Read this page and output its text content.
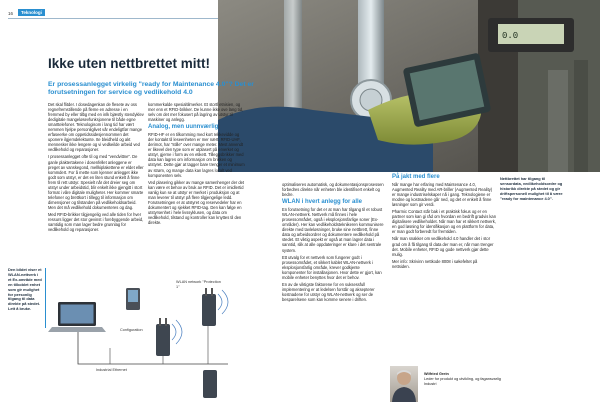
16	Teknologi
0.0
Ikke uten nettbrettet mitt!
Er prosessanlegget virkelig "ready for Maintenance 4.0"? Det er forutsetningen for service og vedlikehold 4.0

Det skal flitder. I dosedagenkan de flesete av oss regnefremstillende på fleme en adresse i en fremmed by eller tilbg med en inlk bjæstly stendyklev dedigitale mangeløsevfunksjonene til både egne smarttelefoner. Teknologisom i lang tid har vært nemmen hjelpe personliglivet vår endeligtfør mange erfaseerke om oppetidssidesjennommen det uponere ilgjemdelektunte. Ite bleidheld og akt mennesker ikke lengere og vi vedkeilde arbeid ved vedlikehold og reparasjoner.

I prosessanlegget ofte til og med "vendvittne". De ganle plaktertakene i dosenfellet anleggene er preget av vanskegond, mellkiplakettene er eldet eller kommdert. For å mette som kjenner anlegget ikke godt som utstyr, er det en liten stund enkelt å finne frem til rett utstyr. Spesielt når det dreier seg om utstyr under arbeidstid, blir enkelt ikke gjengitt i stort format i våre digitale muligheter. Her kommer smarte telefoner og brettkort i tillegg til informasjon om dimensjoner og tilstanden på vedlikeholdsarbeid. Men det må vedlikehold dokumenteres og dag.

Med RFID-brikker tilgjengelig ved alle tiden for hver ressurs ligger det stor gevinst i forebyggende arbeid, samtidig som man lager bedre grunnlag for vedlikehold og reparasjoner.

kommerkalde spesialtilmerker. Et stortl etnisien, og mer enn et RFID-brikker. De kunne ikke ove lang tid, selv om det mer fokusert på lagring av utstyr til maskiner og anlegg.

Analog, men uunnværlig

RFID-HF er en tilkomming med kort rekkevidde og der kontakt til leseenheten er mer nært. RFID-UHF, derimot, har "stille" over mange meter. Mest anvendt er likevel den type som er utplasert på erverket og utstyr, gjerne i form av en etikett. Tilleggsbrikker med data kan lagres om informasjon om brikken og utstyret. Dette gjør at tagger bare trenger et minimum av strøm, og mange data kan lagres lokalt ved komponenten selv.

Ved plasering gikker av mange samenhenger der det kan være et behov av bruk av RFID. Det er imidlertid vanlig kun se at utstyr er merket i produksjon og at man leverer til utstyr på flere tilgjengelige ledd. Forutsetningen er at utstyret og reservedeler har en dokumentert og sjekket RFID-tag. Den kan følge en utstyrsenhet i hele livssyklusen, og data om vedlikehold, tilstand og kontroller kan knyttes til den direkte.

optimaliseres automatisk, og dokumentasjonsprosessen forbedres direkte når enheten ble identifisert enkelt og bedre.

WLAN i hvert anlegg for alle

En forutsetning for det er at man har tilgang til et robust WLAN-nettverk. Nettverk må finnes i hele prosessområdet, også i eksplosjonsfarlige soner (Ex-områder). Her kan vedlikeholdsteknikeren kommunisere direkte med tavleløsninger, bruke sine nettbrett, finne data og arbeidsordrer og dokumentere vedlikehold på stedet. Et viktig aspekt er også at man lagrer data i sanntid, slik at alle oppdateringer er klare i det sentrale system.

Ett utvalg for et nettverk som fungerer godt i prosessområdet, et sikkert kablet WLAN-nettverk i eksplosjonsfarlig område, krever godkjente komponenter for installasjonen. Hvor dette er gjort, kan mobile enheter benyttes hvor det er behov.

En av de viktigste faktorene for en suksessfull implementering er at ledelsen forstår og aksepterer kostnadene for utstyr og WLAN-nettverk og ser de besparelsene som kan komme senere i driften.

På jakt med flere

Når mange har erfaring med Maintenance 4.0, Augmented Reality med AR-briller (Augmented Reality) er mange industriselskaper nå i gang. Teknologiene er modne og kostnadene går ned, og det er enkelt å finne løsninger som gir verdi.

Pharmic Contact står bak i et praktisk fokus og er en partner som kan gi råd om hvordan en bedrift gradvis kan digitalisere vedlikeholdet. Når man har et sikkert nettverk, en god løsning for identifikasjon og en plattform for data, er man godt forberedt for fremtiden.

Når man snakker om vedlikehold 4.0 handler det i stor grad om å få tilgang til data der man er, når man trenger det. Mobile enheter, RFID og gode nettverk gjør dette mulig.

Mer info: Skrivinn nettkode 8008 i søkefeltet på nettsiden.

Den bildet viser et WLAN-nettverk i et Ex-område med en tilkoblet enhet som gir mulighet for personlig tilgang til data direkte på stedet. Lett å bruke.
Nettbrettet har tilgang til sensordata, vedlikeholdsordre og historikk direkte på stedet og gir driftspersonell mulighet til å være "ready for maintenance 4.0".
Configuration
WLAN network "Protection 1"
Industrial Ethernet
Wilfried Grein
Leder for produkt og utvikling, og fagansvarlig Industri
